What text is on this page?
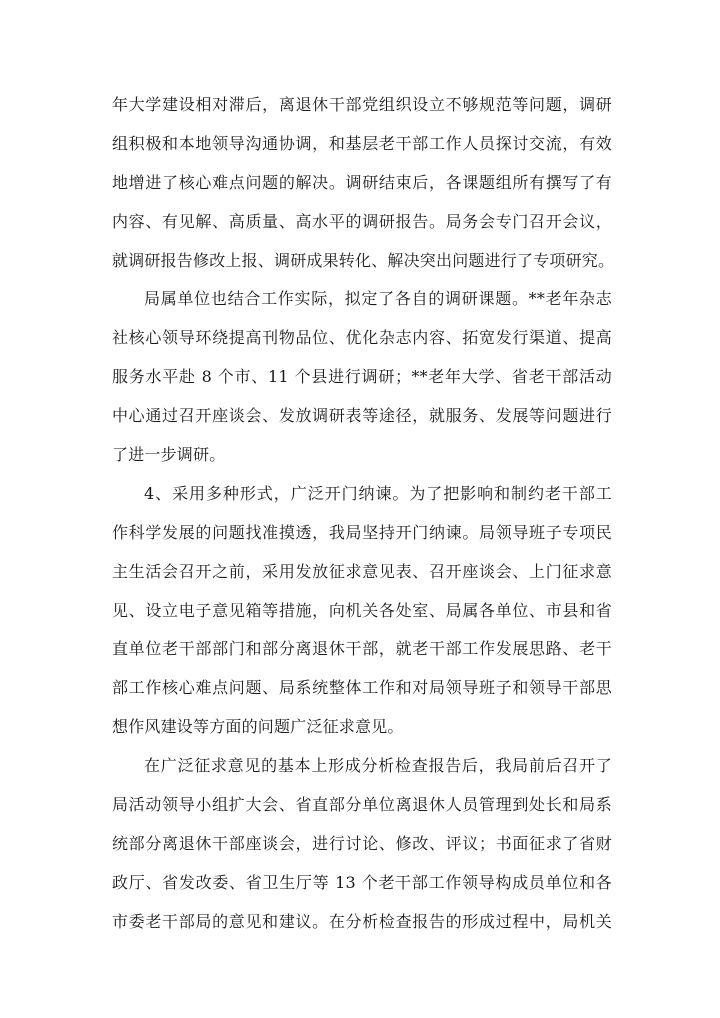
年大学建设相对滞后，离退休干部党组织设立不够规范等问题，调研
组积极和本地领导沟通协调，和基层老干部工作人员探讨交流，有效
地增进了核心难点问题的解决。调研结束后，各课题组所有撰写了有
内容、有见解、高质量、高水平的调研报告。局务会专门召开会议，
就调研报告修改上报、调研成果转化、解决突出问题进行了专项研究。
局属单位也结合工作实际，拟定了各自的调研课题。**老年杂志
社核心领导环绕提高刊物品位、优化杂志内容、拓宽发行渠道、提高
服务水平赴 8 个市、11 个县进行调研；**老年大学、省老干部活动
中心通过召开座谈会、发放调研表等途径，就服务、发展等问题进行
了进一步调研。
4、采用多种形式，广泛开门纳谏。为了把影响和制约老干部工
作科学发展的问题找准摸透，我局坚持开门纳谏。局领导班子专项民
主生活会召开之前，采用发放征求意见表、召开座谈会、上门征求意
见、设立电子意见箱等措施，向机关各处室、局属各单位、市县和省
直单位老干部部门和部分离退休干部，就老干部工作发展思路、老干
部工作核心难点问题、局系统整体工作和对局领导班子和领导干部思
想作风建设等方面的问题广泛征求意见。
在广泛征求意见的基本上形成分析检查报告后，我局前后召开了
局活动领导小组扩大会、省直部分单位离退休人员管理到处长和局系
统部分离退休干部座谈会，进行讨论、修改、评议；书面征求了省财
政厅、省发改委、省卫生厅等 13 个老干部工作领导构成员单位和各
市委老干部局的意见和建议。在分析检查报告的形成过程中，局机关
